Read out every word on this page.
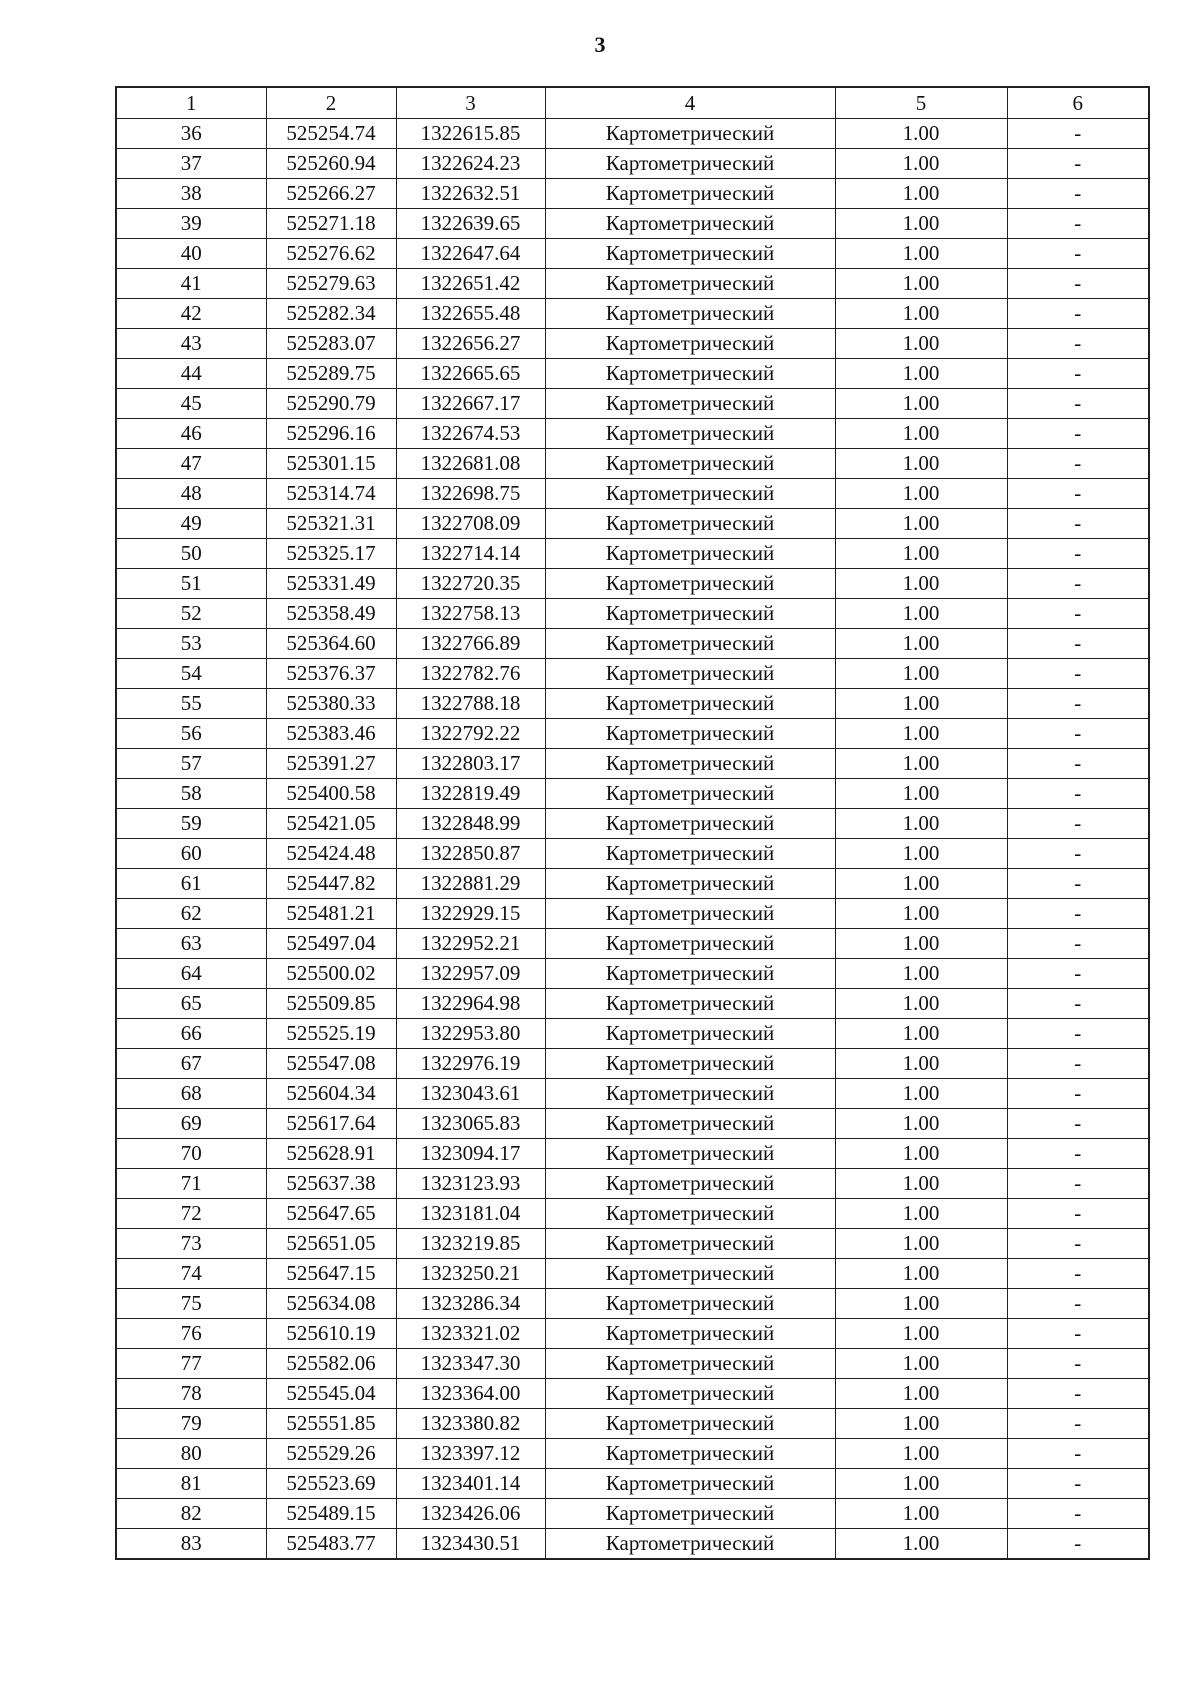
3
1	2	3	4	5	6
36	525254.74	1322615.85	Картометрический	1.00	-
37	525260.94	1322624.23	Картометрический	1.00	-
38	525266.27	1322632.51	Картометрический	1.00	-
39	525271.18	1322639.65	Картометрический	1.00	-
40	525276.62	1322647.64	Картометрический	1.00	-
41	525279.63	1322651.42	Картометрический	1.00	-
42	525282.34	1322655.48	Картометрический	1.00	-
43	525283.07	1322656.27	Картометрический	1.00	-
44	525289.75	1322665.65	Картометрический	1.00	-
45	525290.79	1322667.17	Картометрический	1.00	-
46	525296.16	1322674.53	Картометрический	1.00	-
47	525301.15	1322681.08	Картометрический	1.00	-
48	525314.74	1322698.75	Картометрический	1.00	-
49	525321.31	1322708.09	Картометрический	1.00	-
50	525325.17	1322714.14	Картометрический	1.00	-
51	525331.49	1322720.35	Картометрический	1.00	-
52	525358.49	1322758.13	Картометрический	1.00	-
53	525364.60	1322766.89	Картометрический	1.00	-
54	525376.37	1322782.76	Картометрический	1.00	-
55	525380.33	1322788.18	Картометрический	1.00	-
56	525383.46	1322792.22	Картометрический	1.00	-
57	525391.27	1322803.17	Картометрический	1.00	-
58	525400.58	1322819.49	Картометрический	1.00	-
59	525421.05	1322848.99	Картометрический	1.00	-
60	525424.48	1322850.87	Картометрический	1.00	-
61	525447.82	1322881.29	Картометрический	1.00	-
62	525481.21	1322929.15	Картометрический	1.00	-
63	525497.04	1322952.21	Картометрический	1.00	-
64	525500.02	1322957.09	Картометрический	1.00	-
65	525509.85	1322964.98	Картометрический	1.00	-
66	525525.19	1322953.80	Картометрический	1.00	-
67	525547.08	1322976.19	Картометрический	1.00	-
68	525604.34	1323043.61	Картометрический	1.00	-
69	525617.64	1323065.83	Картометрический	1.00	-
70	525628.91	1323094.17	Картометрический	1.00	-
71	525637.38	1323123.93	Картометрический	1.00	-
72	525647.65	1323181.04	Картометрический	1.00	-
73	525651.05	1323219.85	Картометрический	1.00	-
74	525647.15	1323250.21	Картометрический	1.00	-
75	525634.08	1323286.34	Картометрический	1.00	-
76	525610.19	1323321.02	Картометрический	1.00	-
77	525582.06	1323347.30	Картометрический	1.00	-
78	525545.04	1323364.00	Картометрический	1.00	-
79	525551.85	1323380.82	Картометрический	1.00	-
80	525529.26	1323397.12	Картометрический	1.00	-
81	525523.69	1323401.14	Картометрический	1.00	-
82	525489.15	1323426.06	Картометрический	1.00	-
83	525483.77	1323430.51	Картометрический	1.00	-
